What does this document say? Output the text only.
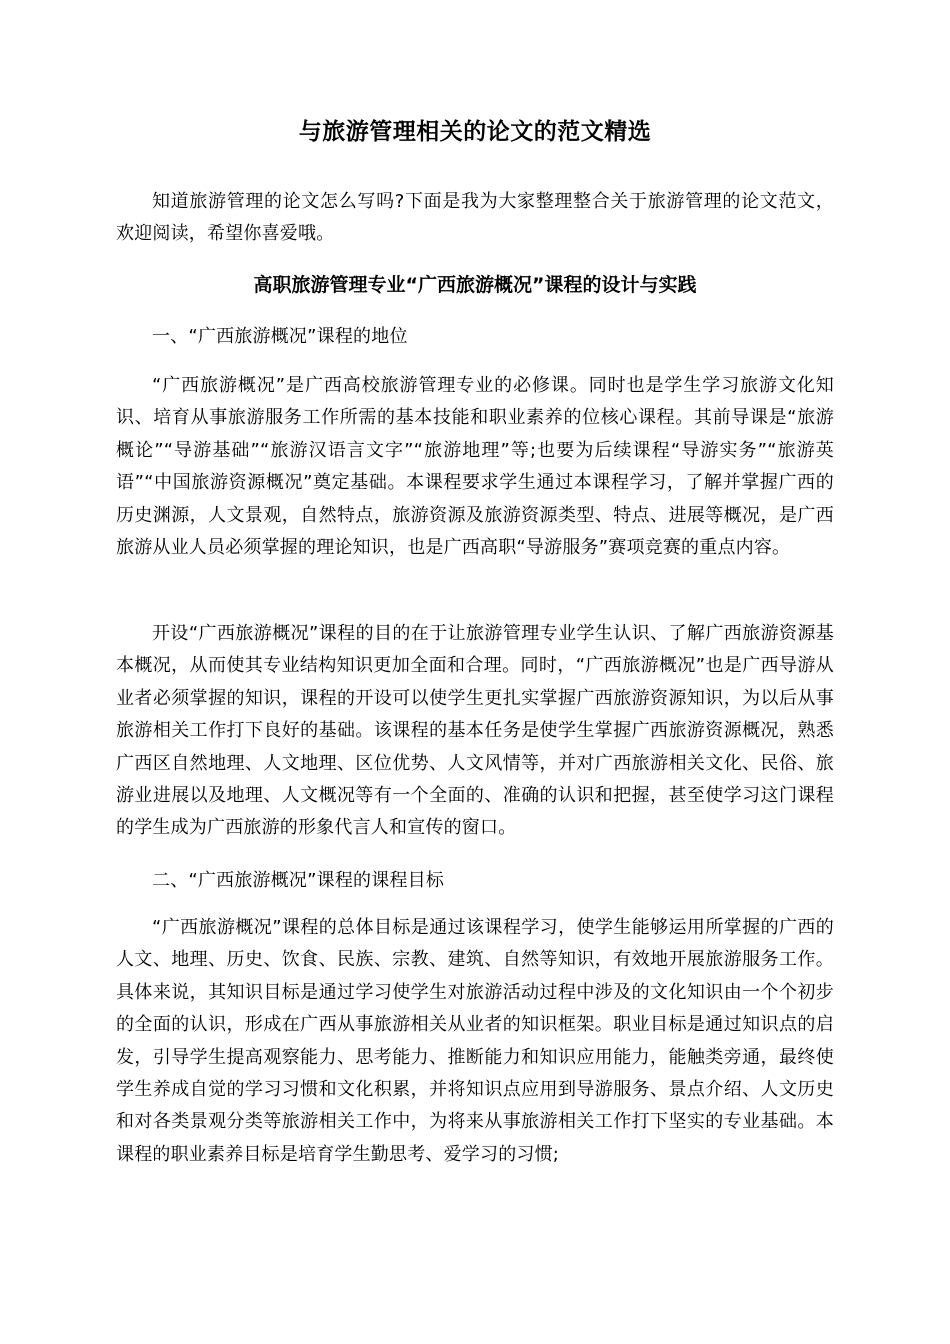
与旅游管理相关的论文的范文精选

知道旅游管理的论文怎么写吗?下面是我为大家整理整合关于旅游管理的论文范文，欢迎阅读，希望你喜爱哦。

高职旅游管理专业“广西旅游概况”课程的设计与实践

一、“广西旅游概况”课程的地位

“广西旅游概况”是广西高校旅游管理专业的必修课。同时也是学生学习旅游文化知识、培育从事旅游服务工作所需的基本技能和职业素养的位核心课程。其前导课是“旅游概论”“导游基础”“旅游汉语言文字”“旅游地理”等;也要为后续课程“导游实务”“旅游英语”“中国旅游资源概况”奠定基础。本课程要求学生通过本课程学习，了解并掌握广西的历史渊源，人文景观，自然特点，旅游资源及旅游资源类型、特点、进展等概况，是广西旅游从业人员必须掌握的理论知识，也是广西高职“导游服务”赛项竞赛的重点内容。

开设“广西旅游概况”课程的目的在于让旅游管理专业学生认识、了解广西旅游资源基本概况，从而使其专业结构知识更加全面和合理。同时，“广西旅游概况”也是广西导游从业者必须掌握的知识，课程的开设可以使学生更扎实掌握广西旅游资源知识，为以后从事旅游相关工作打下良好的基础。该课程的基本任务是使学生掌握广西旅游资源概况，熟悉广西区自然地理、人文地理、区位优势、人文风情等，并对广西旅游相关文化、民俗、旅游业进展以及地理、人文概况等有一个全面的、准确的认识和把握，甚至使学习这门课程的学生成为广西旅游的形象代言人和宣传的窗口。

二、“广西旅游概况”课程的课程目标

“广西旅游概况”课程的总体目标是通过该课程学习，使学生能够运用所掌握的广西的人文、地理、历史、饮食、民族、宗教、建筑、自然等知识，有效地开展旅游服务工作。具体来说，其知识目标是通过学习使学生对旅游活动过程中涉及的文化知识由一个个初步的全面的认识，形成在广西从事旅游相关从业者的知识框架。职业目标是通过知识点的启发，引导学生提高观察能力、思考能力、推断能力和知识应用能力，能触类旁通，最终使学生养成自觉的学习习惯和文化积累，并将知识点应用到导游服务、景点介绍、人文历史和对各类景观分类等旅游相关工作中，为将来从事旅游相关工作打下坚实的专业基础。本课程的职业素养目标是培育学生勤思考、爱学习的习惯;
